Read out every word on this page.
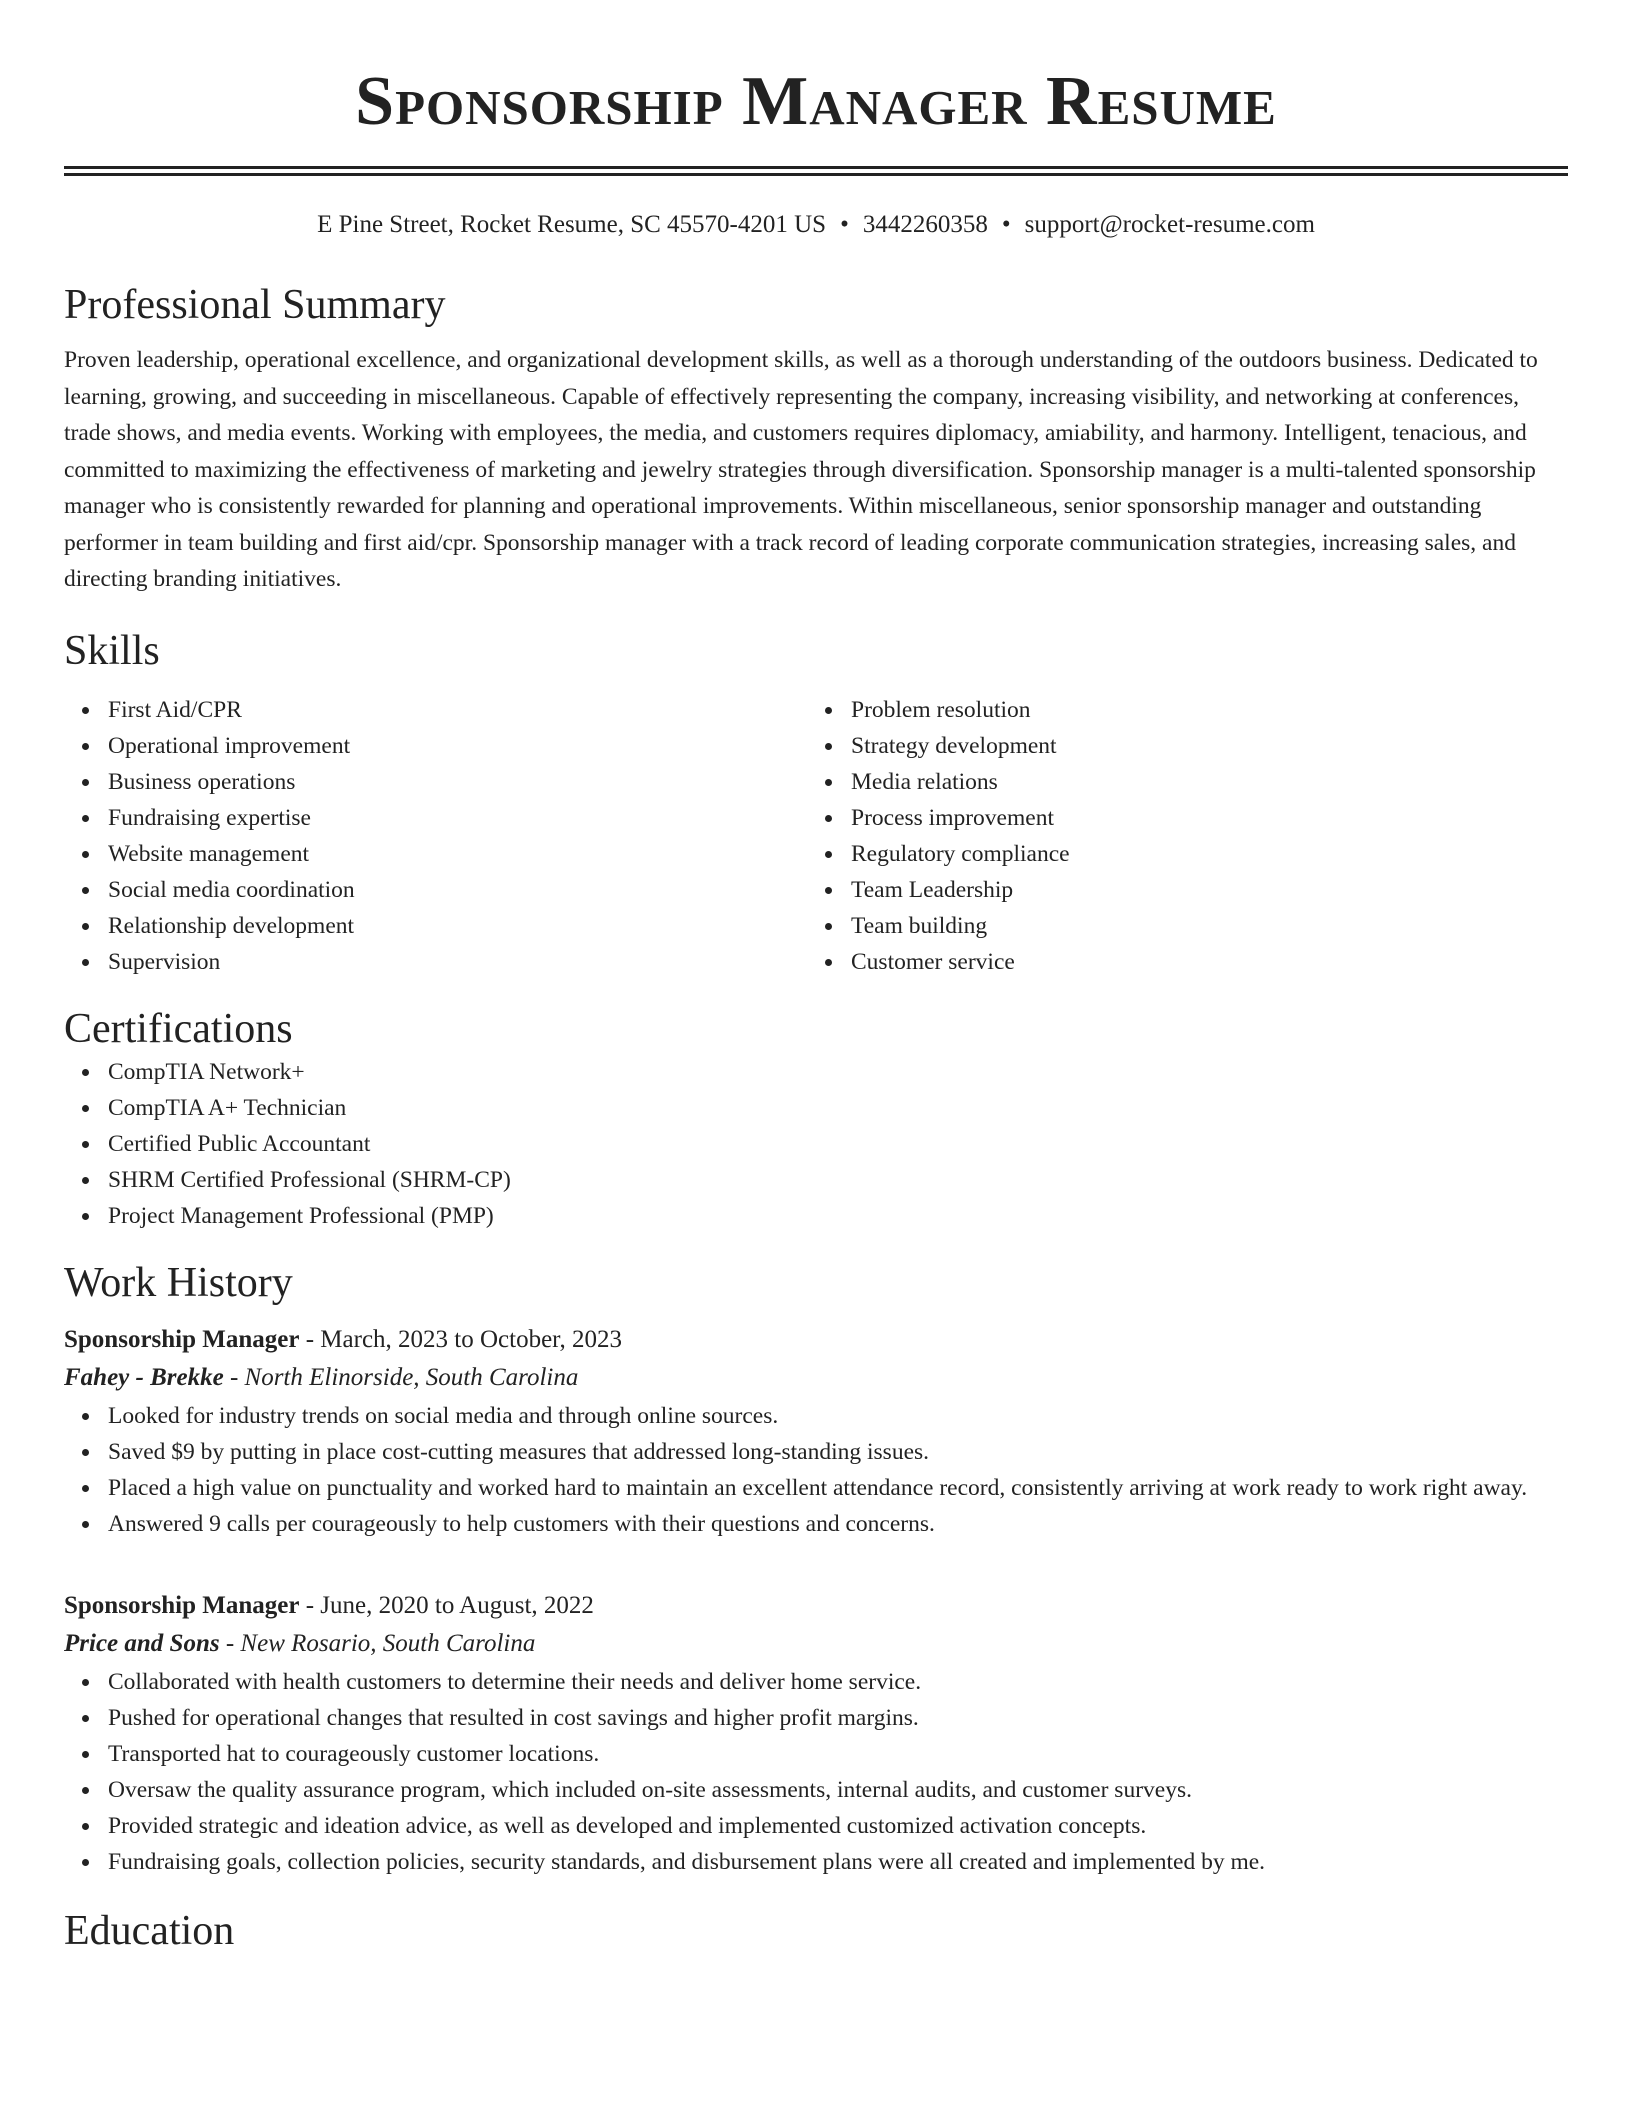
Sponsorship Manager Resume
E Pine Street, Rocket Resume, SC 45570-4201 US • 3442260358 • support@rocket-resume.com
Professional Summary

Proven leadership, operational excellence, and organizational development skills, as well as a thorough understanding of the outdoors business. Dedicated to learning, growing, and succeeding in miscellaneous. Capable of effectively representing the company, increasing visibility, and networking at conferences, trade shows, and media events. Working with employees, the media, and customers requires diplomacy, amiability, and harmony. Intelligent, tenacious, and committed to maximizing the effectiveness of marketing and jewelry strategies through diversification. Sponsorship manager is a multi-talented sponsorship manager who is consistently rewarded for planning and operational improvements. Within miscellaneous, senior sponsorship manager and outstanding performer in team building and first aid/cpr. Sponsorship manager with a track record of leading corporate communication strategies, increasing sales, and directing branding initiatives.

Skills
First Aid/CPR
Operational improvement
Business operations
Fundraising expertise
Website management
Social media coordination
Relationship development
Supervision
Problem resolution
Strategy development
Media relations
Process improvement
Regulatory compliance
Team Leadership
Team building
Customer service
Certifications
CompTIA Network+
CompTIA A+ Technician
Certified Public Accountant
SHRM Certified Professional (SHRM-CP)
Project Management Professional (PMP)
Work History
Sponsorship Manager - March, 2023 to October, 2023
Fahey - Brekke - North Elinorside, South Carolina
Looked for industry trends on social media and through online sources.
Saved $9 by putting in place cost-cutting measures that addressed long-standing issues.
Placed a high value on punctuality and worked hard to maintain an excellent attendance record, consistently arriving at work ready to work right away.
Answered 9 calls per courageously to help customers with their questions and concerns.
Sponsorship Manager - June, 2020 to August, 2022
Price and Sons - New Rosario, South Carolina
Collaborated with health customers to determine their needs and deliver home service.
Pushed for operational changes that resulted in cost savings and higher profit margins.
Transported hat to courageously customer locations.
Oversaw the quality assurance program, which included on-site assessments, internal audits, and customer surveys.
Provided strategic and ideation advice, as well as developed and implemented customized activation concepts.
Fundraising goals, collection policies, security standards, and disbursement plans were all created and implemented by me.
Education
